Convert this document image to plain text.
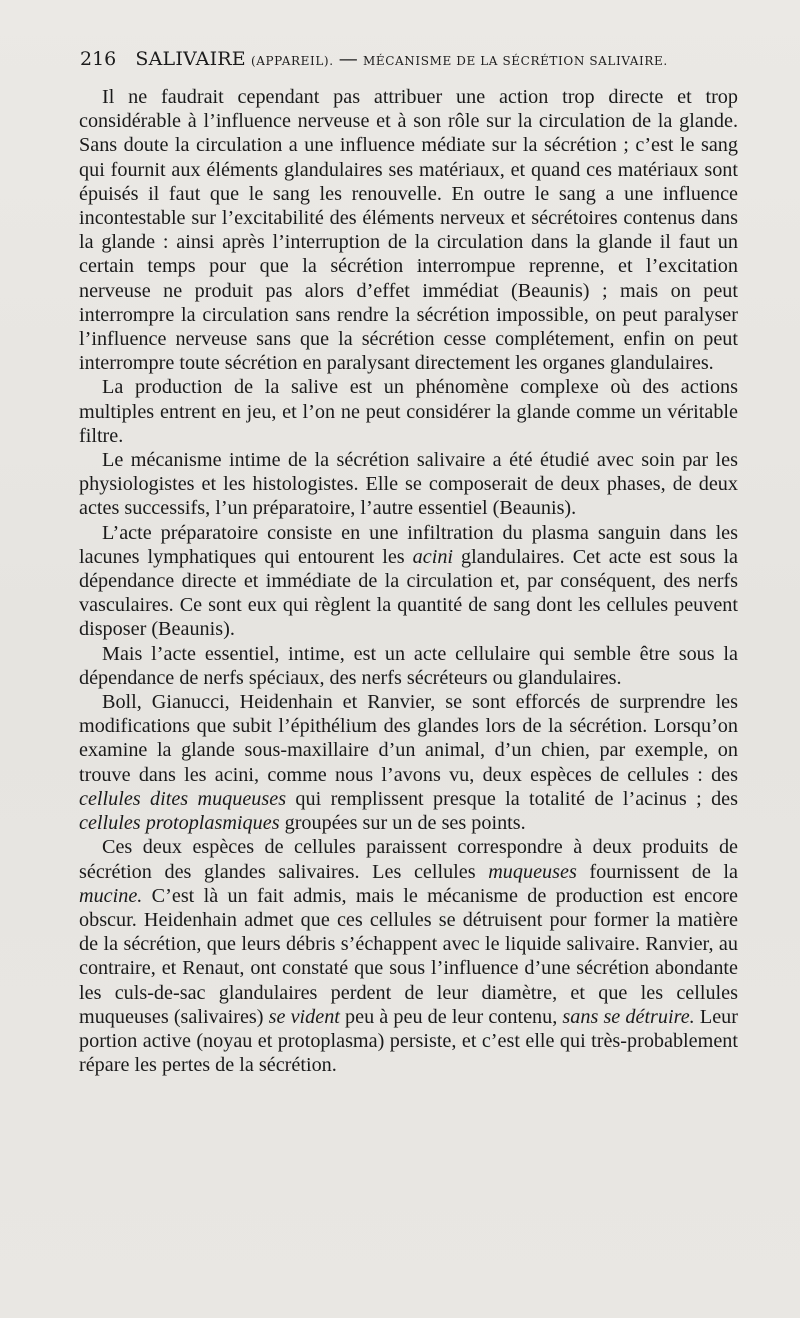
216 SALIVAIRE (APPAREIL). — MÉCANISME DE LA SÉCRÉTION SALIVAIRE.

Il ne faudrait cependant pas attribuer une action trop directe et trop considérable à l’influence nerveuse et à son rôle sur la circulation de la glande. Sans doute la circulation a une influence médiate sur la sécrétion ; c’est le sang qui fournit aux éléments glandulaires ses matériaux, et quand ces matériaux sont épuisés il faut que le sang les renouvelle. En outre le sang a une influence incontestable sur l’excitabilité des éléments nerveux et sécrétoires contenus dans la glande : ainsi après l’interruption de la circulation dans la glande il faut un certain temps pour que la sécrétion interrompue reprenne, et l’excitation nerveuse ne produit pas alors d’effet immédiat (Beaunis) ; mais on peut interrompre la circulation sans rendre la sécrétion impossible, on peut paralyser l’influence nerveuse sans que la sécrétion cesse complétement, enfin on peut interrompre toute sécrétion en paralysant directement les organes glandulaires.

La production de la salive est un phénomène complexe où des actions multiples entrent en jeu, et l’on ne peut considérer la glande comme un véritable filtre.

Le mécanisme intime de la sécrétion salivaire a été étudié avec soin par les physiologistes et les histologistes. Elle se composerait de deux phases, de deux actes successifs, l’un préparatoire, l’autre essentiel (Beaunis).

L’acte préparatoire consiste en une infiltration du plasma sanguin dans les lacunes lymphatiques qui entourent les acini glandulaires. Cet acte est sous la dépendance directe et immédiate de la circulation et, par conséquent, des nerfs vasculaires. Ce sont eux qui règlent la quantité de sang dont les cellules peuvent disposer (Beaunis).

Mais l’acte essentiel, intime, est un acte cellulaire qui semble être sous la dépendance de nerfs spéciaux, des nerfs sécréteurs ou glandulaires.

Boll, Gianucci, Heidenhain et Ranvier, se sont efforcés de surprendre les modifications que subit l’épithélium des glandes lors de la sécrétion. Lorsqu’on examine la glande sous-maxillaire d’un animal, d’un chien, par exemple, on trouve dans les acini, comme nous l’avons vu, deux espèces de cellules : des cellules dites muqueuses qui remplissent presque la totalité de l’acinus ; des cellules protoplasmiques groupées sur un de ses points.

Ces deux espèces de cellules paraissent correspondre à deux produits de sécrétion des glandes salivaires. Les cellules muqueuses fournissent de la mucine. C’est là un fait admis, mais le mécanisme de production est encore obscur. Heidenhain admet que ces cellules se détruisent pour former la matière de la sécrétion, que leurs débris s’échappent avec le liquide salivaire. Ranvier, au contraire, et Renaut, ont constaté que sous l’influence d’une sécrétion abondante les culs-de-sac glandulaires perdent de leur diamètre, et que les cellules muqueuses (salivaires) se vident peu à peu de leur contenu, sans se détruire. Leur portion active (noyau et protoplasma) persiste, et c’est elle qui très-probablement répare les pertes de la sécrétion.
